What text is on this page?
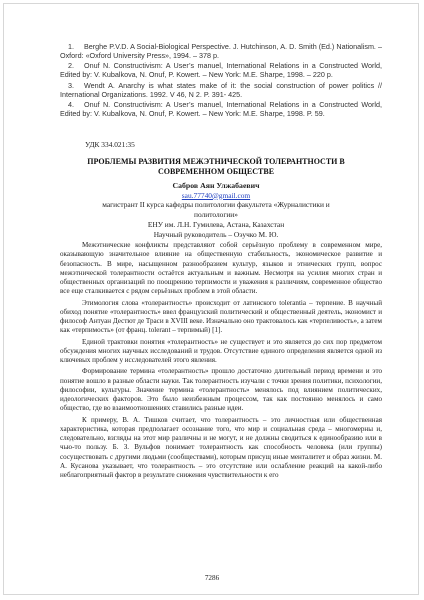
1. Berghe P.V.D. A Social-Biological Perspective. J. Hutchinson, A. D. Smith (Ed.) Nationalism. – Oxford: «Oxford University Press», 1994. – 378 p.
2. Onuf N. Constructivism: A User’s manuel, International Relations in a Constructed World, Edited by: V. Kubalkova, N. Onuf, P. Kowert. – New York: M.E. Sharpe, 1998. – 220 p.
3. Wendt A. Anarchy is what states make of it: the social construction of power politics // International Orgаnizations. 1992. V 46, N 2. P. 391- 425.
4. Onuf N. Constructivism: A User’s manuel, International Relations in a Constructed World, Edited by: V. Kubalkova, N. Onuf, P. Kowert. – New York: M.E. Sharpe, 1998. P. 59.
УДК 334.021:35
ПРОБЛЕМЫ РАЗВИТИЯ МЕЖЭТНИЧЕСКОЙ ТОЛЕРАНТНОСТИ В СОВРЕМЕННОМ ОБЩЕСТВЕ
Сабров Аян Улжабаевич
sau.77740@gmail.com
магистрант II курса кафедры политологии факультета «Журналистики и политологии»
ЕНУ им. Л.Н. Гумилева, Астана, Казахстан
Научный руководитель – Оэучко М. Ю.

Межэтнические конфликты представляют собой серьёзную проблему в современном мире, оказывающую значительное влияние на общественную стабильность, экономическое развитие и безопасность. В мире, насыщенном разнообразием культур, языков и этнических групп, вопрос межэтнической толерантности остаётся актуальным и важным. Несмотря на усилия многих стран и общественных организаций по поощрению терпимости и уважения к различиям, современное общество все еще сталкивается с рядом серьёзных проблем в этой области.

Этимология слова «толерантность» происходит от латинского tolerantia – терпение. В научный обиход понятие «толерантность» ввел французский политический и общественный деятель, экономист и философ Антуан Дестют де Траси в XVIII веке. Изначально оно трактовалось как «терпеливость», а затем как «терпимость» (от франц. tolerant – терпимый) [1].

Единой трактовки понятия «толерантность» не существует и это является до сих пор предметом обсуждения многих научных исследований и трудов. Отсутствие единого определения является одной из ключевых проблем у исследователей этого явления.

Формирование термина «толерантность» прошло достаточно длительный период времени и это понятие вошло в разные области науки. Так толерантность изучали с точки зрения политики, психологии, философии, культуры. Значение термина «толерантность» менялось под влиянием политических, идеологических факторов. Это было неизбежным процессом, так как постоянно менялось и само общество, где во взаимоотношениях ставились разные идеи.

К примеру, В. А. Тишков считает, что толерантность – это личностная или общественная характеристика, которая предполагает осознание того, что мир и социальная среда – многомерны и, следовательно, взгляды на этот мир различны и не могут, и не должны сводиться к единообразию или в чью-то пользу. Б. З. Вульфов понимает толерантность как способность человека (или группы) сосуществовать с другими людьми (сообществами), которым присущ иные менталитет и образ жизни. М. А. Кусанова указывает, что толерантность – это отсутствие или ослабление реакций на какой-либо неблагоприятный фактор в результате снижения чувствительности к его

7286
